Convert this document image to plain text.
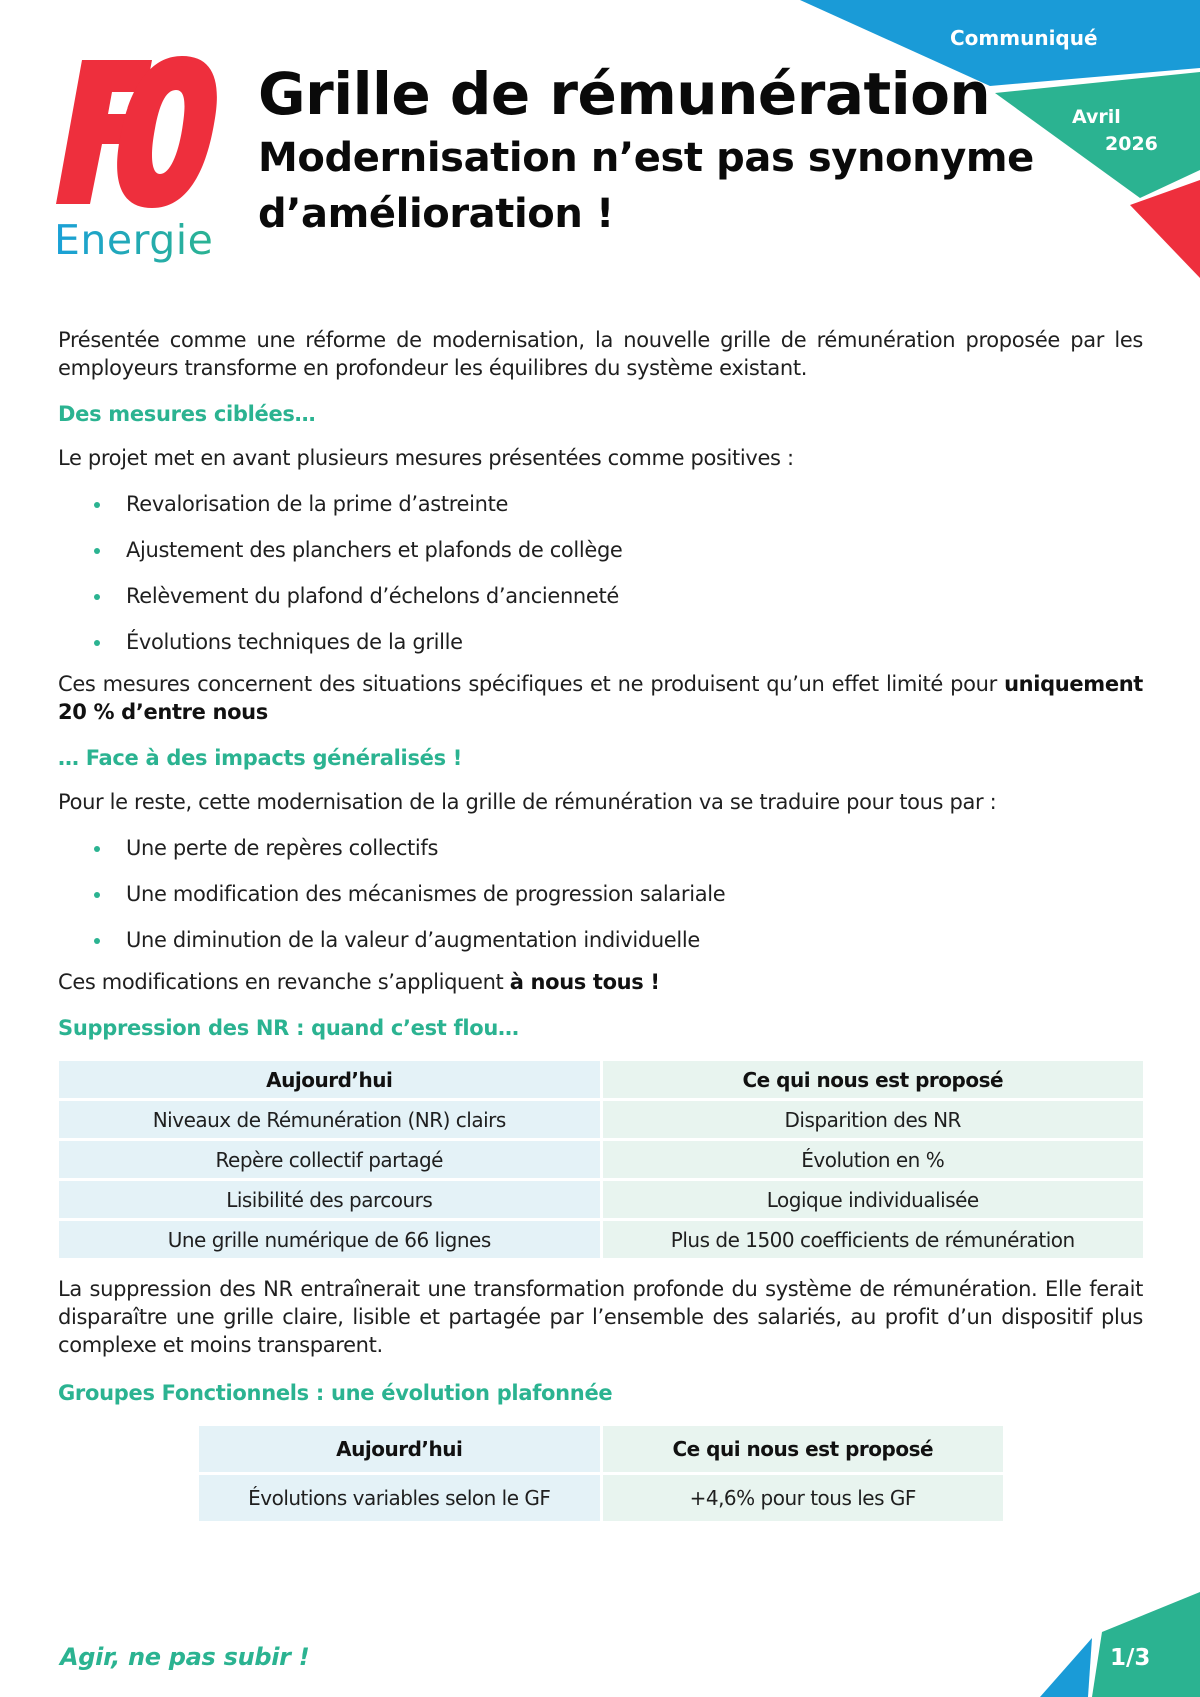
Communiqué
Avril
2026
Energie
Grille de rémunération
Modernisation n’est pas synonyme d’amélioration !

Présentée comme une réforme de modernisation, la nouvelle grille de rémunération proposée par les employeurs transforme en profondeur les équilibres du système existant.

Des mesures ciblées…

Le projet met en avant plusieurs mesures présentées comme positives :

Revalorisation de la prime d’astreinte
Ajustement des planchers et plafonds de collège
Relèvement du plafond d’échelons d’ancienneté
Évolutions techniques de la grille

Ces mesures concernent des situations spécifiques et ne produisent qu’un effet limité pour uniquement 20 % d’entre nous

… Face à des impacts généralisés !

Pour le reste, cette modernisation de la grille de rémunération va se traduire pour tous par :

Une perte de repères collectifs
Une modification des mécanismes de progression salariale
Une diminution de la valeur d’augmentation individuelle

Ces modifications en revanche s’appliquent à nous tous !

Suppression des NR : quand c’est flou…
Aujourd’hui	Ce qui nous est proposé
Niveaux de Rémunération (NR) clairs	Disparition des NR
Repère collectif partagé	Évolution en %
Lisibilité des parcours	Logique individualisée
Une grille numérique de 66 lignes	Plus de 1500 coefficients de rémunération

La suppression des NR entraînerait une transformation profonde du système de rémunération. Elle ferait disparaître une grille claire, lisible et partagée par l’ensemble des salariés, au profit d’un dispositif plus complexe et moins transparent.

Groupes Fonctionnels : une évolution plafonnée
Aujourd’hui	Ce qui nous est proposé
Évolutions variables selon le GF	+4,6% pour tous les GF
Agir, ne pas subir !	1/3
